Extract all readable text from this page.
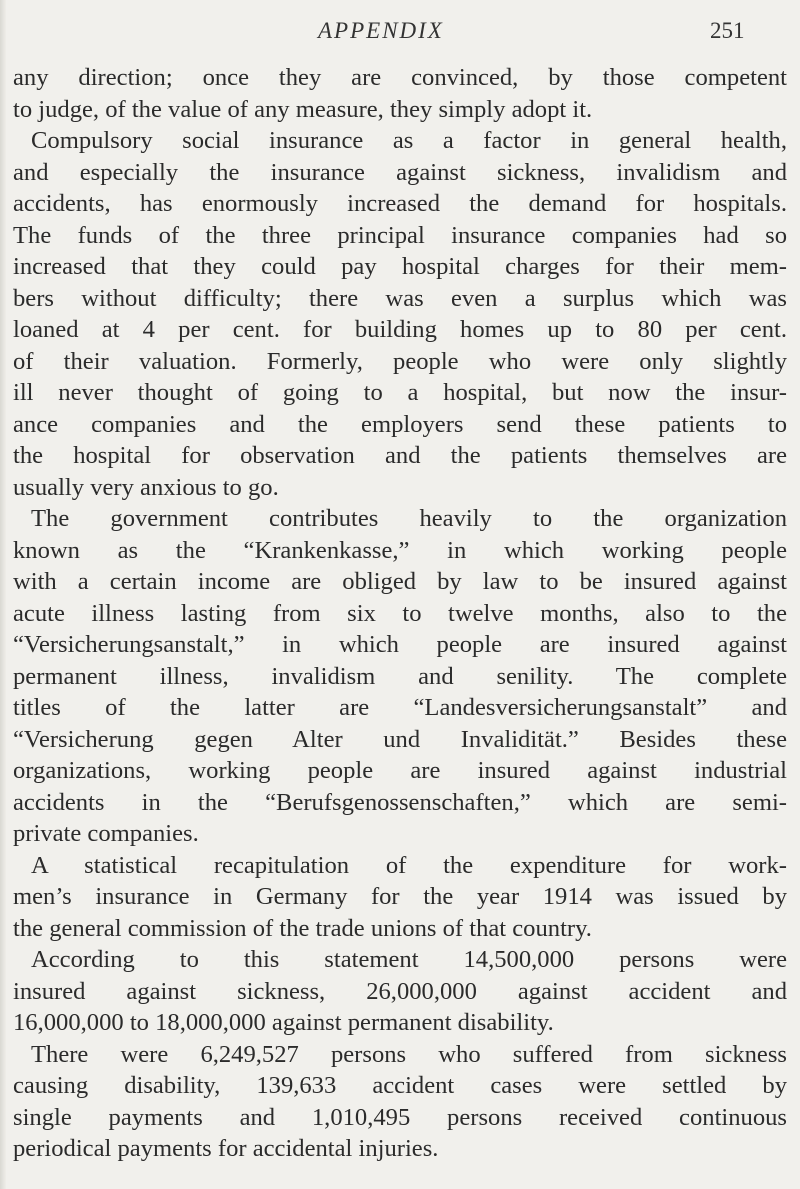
APPENDIX	251
any direction; once they are convinced, by those competent
to judge, of the value of any measure, they simply adopt it.
Compulsory social insurance as a factor in general health,
and especially the insurance against sickness, invalidism and
accidents, has enormously increased the demand for hospitals.
The funds of the three principal insurance companies had so
increased that they could pay hospital charges for their mem-
bers without difficulty; there was even a surplus which was
loaned at 4 per cent. for building homes up to 80 per cent.
of their valuation. Formerly, people who were only slightly
ill never thought of going to a hospital, but now the insur-
ance companies and the employers send these patients to
the hospital for observation and the patients themselves are
usually very anxious to go.
The government contributes heavily to the organization
known as the “Krankenkasse,” in which working people
with a certain income are obliged by law to be insured against
acute illness lasting from six to twelve months, also to the
“Versicherungsanstalt,” in which people are insured against
permanent illness, invalidism and senility. The complete
titles of the latter are “Landesversicherungsanstalt” and
“Versicherung gegen Alter und Invalidität.” Besides these
organizations, working people are insured against industrial
accidents in the “Berufsgenossenschaften,” which are semi-
private companies.
A statistical recapitulation of the expenditure for work-
men’s insurance in Germany for the year 1914 was issued by
the general commission of the trade unions of that country.
According to this statement 14,500,000 persons were
insured against sickness, 26,000,000 against accident and
16,000,000 to 18,000,000 against permanent disability.
There were 6,249,527 persons who suffered from sickness
causing disability, 139,633 accident cases were settled by
single payments and 1,010,495 persons received continuous
periodical payments for accidental injuries.
